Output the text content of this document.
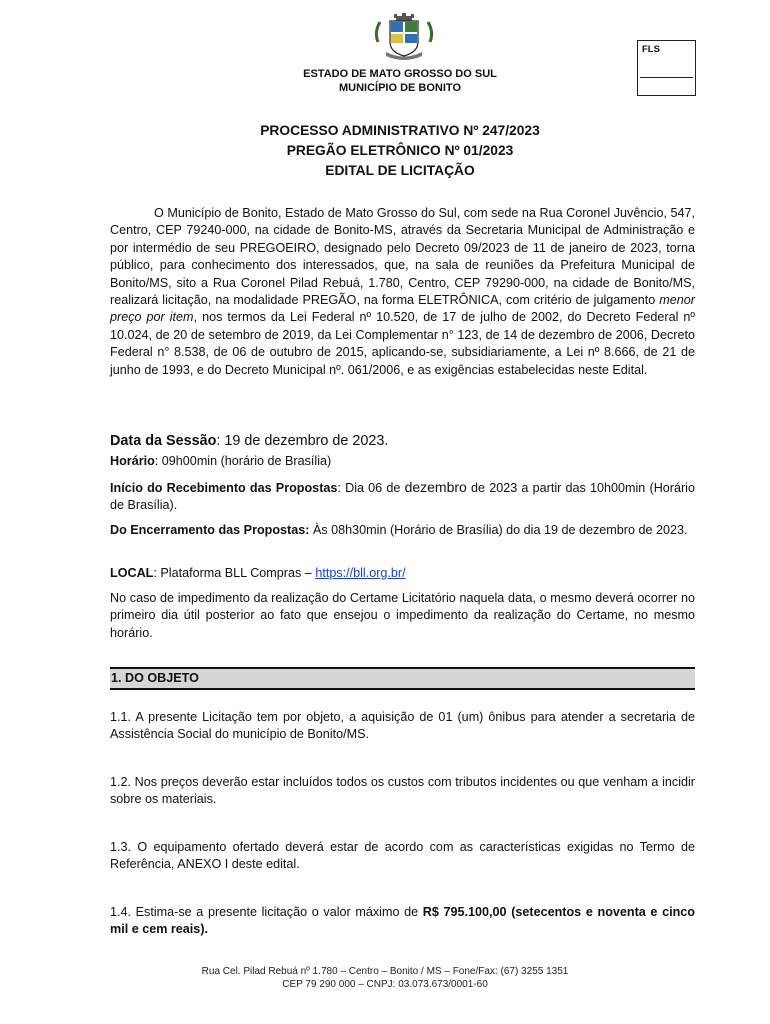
FLS
ESTADO DE MATO GROSSO DO SUL
MUNICÍPIO DE BONITO
PROCESSO ADMINISTRATIVO Nº 247/2023
PREGÃO ELETRÔNICO Nº 01/2023
EDITAL DE LICITAÇÃO
O Município de Bonito, Estado de Mato Grosso do Sul, com sede na Rua Coronel Juvêncio, 547, Centro, CEP 79240-000, na cidade de Bonito-MS, através da Secretaria Municipal de Administração e por intermédio de seu PREGOEIRO, designado pelo Decreto 09/2023 de 11 de janeiro de 2023, torna público, para conhecimento dos interessados, que, na sala de reuniões da Prefeitura Municipal de Bonito/MS, sito a Rua Coronel Pilad Rebuá, 1.780, Centro, CEP 79290-000, na cidade de Bonito/MS, realizará licitação, na modalidade PREGÃO, na forma ELETRÔNICA, com critério de julgamento menor preço por item, nos termos da Lei Federal nº 10.520, de 17 de julho de 2002, do Decreto Federal nº 10.024, de 20 de setembro de 2019, da Lei Complementar n° 123, de 14 de dezembro de 2006, Decreto Federal n° 8.538, de 06 de outubro de 2015, aplicando-se, subsidiariamente, a Lei nº 8.666, de 21 de junho de 1993, e do Decreto Municipal nº. 061/2006, e as exigências estabelecidas neste Edital.
Data da Sessão: 19 de dezembro de 2023.
Horário: 09h00min (horário de Brasília)
Início do Recebimento das Propostas: Dia 06 de dezembro de 2023 a partir das 10h00min (Horário de Brasília).
Do Encerramento das Propostas: Às 08h30min (Horário de Brasília) do dia 19 de dezembro de 2023.
LOCAL: Plataforma BLL Compras – https://bll.org.br/
No caso de impedimento da realização do Certame Licitatório naquela data, o mesmo deverá ocorrer no primeiro dia útil posterior ao fato que ensejou o impedimento da realização do Certame, no mesmo horário.
1. DO OBJETO
1.1. A presente Licitação tem por objeto, a aquisição de 01 (um) ônibus para atender a secretaria de Assistência Social do município de Bonito/MS.
1.2. Nos preços deverão estar incluídos todos os custos com tributos incidentes ou que venham a incidir sobre os materiais.
1.3. O equipamento ofertado deverá estar de acordo com as características exigidas no Termo de Referência, ANEXO I deste edital.
1.4. Estima-se a presente licitação o valor máximo de R$ 795.100,00 (setecentos e noventa e cinco mil e cem reais).
Rua Cel. Pilad Rebuá nº 1.780 – Centro – Bonito / MS – Fone/Fax: (67) 3255 1351
CEP 79 290 000 – CNPJ: 03.073.673/0001-60
